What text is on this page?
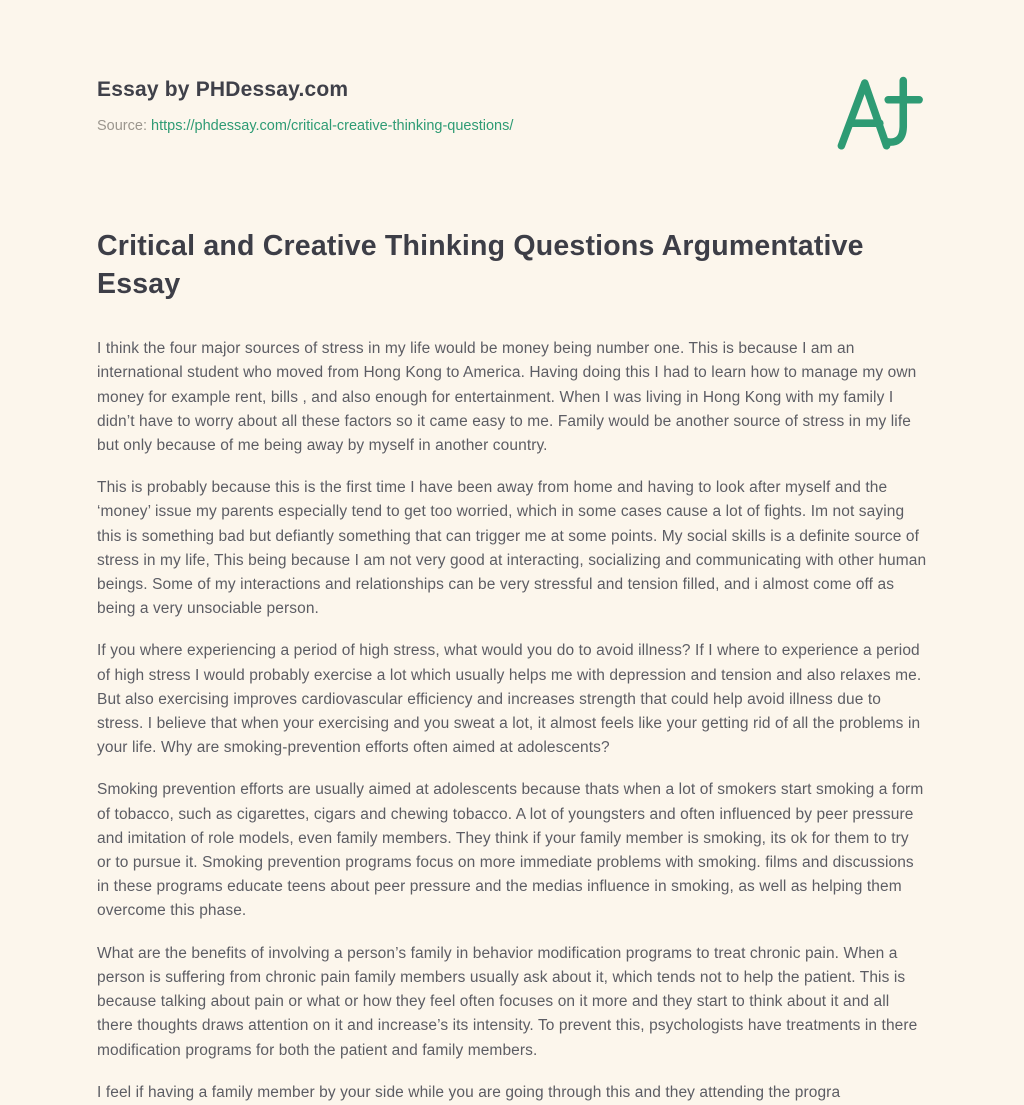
Essay by PHDessay.com
Source: https://phdessay.com/critical-creative-thinking-questions/
Critical and Creative Thinking Questions Argumentative Essay

I think the four major sources of stress in my life would be money being number one. This is because I am an international student who moved from Hong Kong to America. Having doing this I had to learn how to manage my own money for example rent, bills , and also enough for entertainment. When I was living in Hong Kong with my family I didn’t have to worry about all these factors so it came easy to me. Family would be another source of stress in my life but only because of me being away by myself in another country.

This is probably because this is the first time I have been away from home and having to look after myself and the ‘money’ issue my parents especially tend to get too worried, which in some cases cause a lot of fights. Im not saying this is something bad but defiantly something that can trigger me at some points. My social skills is a definite source of stress in my life, This being because I am not very good at interacting, socializing and communicating with other human beings. Some of my interactions and relationships can be very stressful and tension filled, and i almost come off as being a very unsociable person.

If you where experiencing a period of high stress, what would you do to avoid illness? If I where to experience a period of high stress I would probably exercise a lot which usually helps me with depression and tension and also relaxes me. But also exercising improves cardiovascular efficiency and increases strength that could help avoid illness due to stress. I believe that when your exercising and you sweat a lot, it almost feels like your getting rid of all the problems in your life. Why are smoking-prevention efforts often aimed at adolescents?

Smoking prevention efforts are usually aimed at adolescents because thats when a lot of smokers start smoking a form of tobacco, such as cigarettes, cigars and chewing tobacco. A lot of youngsters and often influenced by peer pressure and imitation of role models, even family members. They think if your family member is smoking, its ok for them to try or to pursue it. Smoking prevention programs focus on more immediate problems with smoking. films and discussions in these programs educate teens about peer pressure and the medias influence in smoking, as well as helping them overcome this phase.

What are the benefits of involving a person’s family in behavior modification programs to treat chronic pain. When a person is suffering from chronic pain family members usually ask about it, which tends not to help the patient. This is because talking about pain or what or how they feel often focuses on it more and they start to think about it and all there thoughts draws attention on it and increase’s its intensity. To prevent this, psychologists have treatments in there modification programs for both the patient and family members.

I feel if having a family member by your side while you are going through this and they attending the progra
